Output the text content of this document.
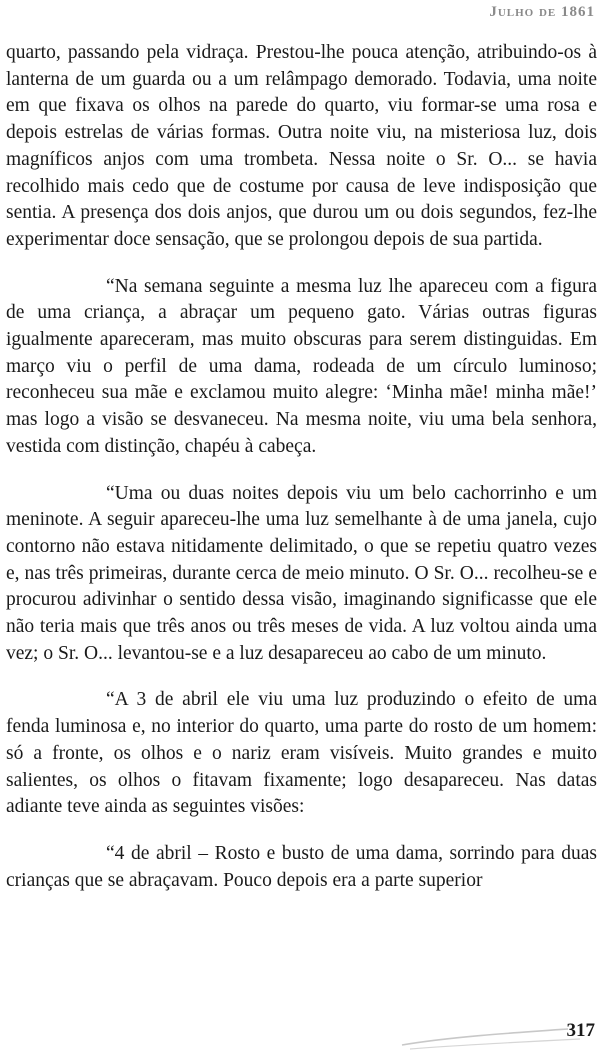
Julho de 1861

quarto, passando pela vidraça. Prestou-lhe pouca atenção, atribuindo-os à lanterna de um guarda ou a um relâmpago demorado. Todavia, uma noite em que fixava os olhos na parede do quarto, viu formar-se uma rosa e depois estrelas de várias formas. Outra noite viu, na misteriosa luz, dois magníficos anjos com uma trombeta. Nessa noite o Sr. O... se havia recolhido mais cedo que de costume por causa de leve indisposição que sentia. A presença dos dois anjos, que durou um ou dois segundos, fez-lhe experimentar doce sensação, que se prolongou depois de sua partida.

“Na semana seguinte a mesma luz lhe apareceu com a figura de uma criança, a abraçar um pequeno gato. Várias outras figuras igualmente apareceram, mas muito obscuras para serem distinguidas. Em março viu o perfil de uma dama, rodeada de um círculo luminoso; reconheceu sua mãe e exclamou muito alegre: ‘Minha mãe! minha mãe!’ mas logo a visão se desvaneceu. Na mesma noite, viu uma bela senhora, vestida com distinção, chapéu à cabeça.

“Uma ou duas noites depois viu um belo cachorrinho e um meninote. A seguir apareceu-lhe uma luz semelhante à de uma janela, cujo contorno não estava nitidamente delimitado, o que se repetiu quatro vezes e, nas três primeiras, durante cerca de meio minuto. O Sr. O... recolheu-se e procurou adivinhar o sentido dessa visão, imaginando significasse que ele não teria mais que três anos ou três meses de vida. A luz voltou ainda uma vez; o Sr. O... levantou-se e a luz desapareceu ao cabo de um minuto.

“A 3 de abril ele viu uma luz produzindo o efeito de uma fenda luminosa e, no interior do quarto, uma parte do rosto de um homem: só a fronte, os olhos e o nariz eram visíveis. Muito grandes e muito salientes, os olhos o fitavam fixamente; logo desapareceu. Nas datas adiante teve ainda as seguintes visões:

“4 de abril – Rosto e busto de uma dama, sorrindo para duas crianças que se abraçavam. Pouco depois era a parte superior

317
